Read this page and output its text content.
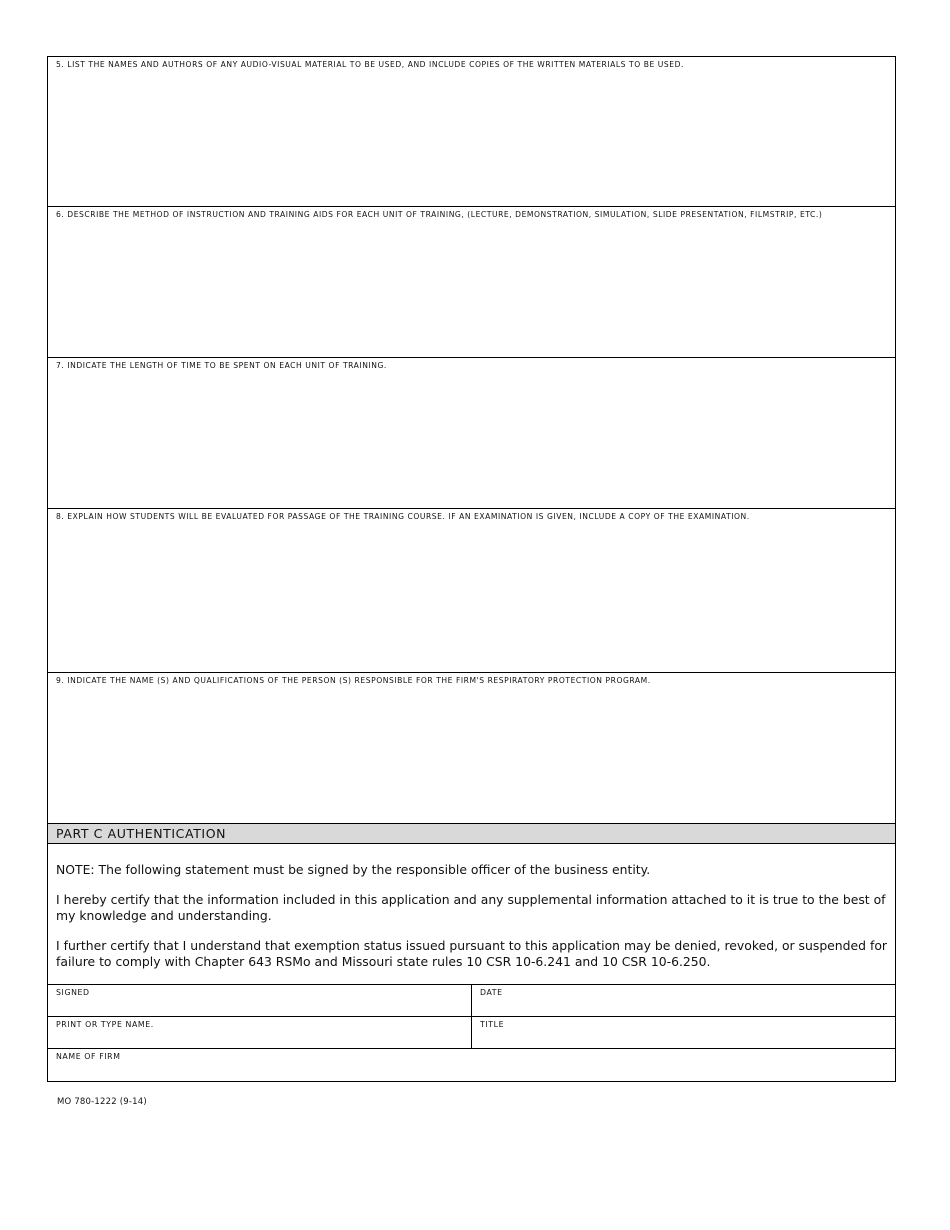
5. LIST THE NAMES AND AUTHORS OF ANY AUDIO-VISUAL MATERIAL TO BE USED, AND INCLUDE COPIES OF THE WRITTEN MATERIALS TO BE USED.
6. DESCRIBE THE METHOD OF INSTRUCTION AND TRAINING AIDS FOR EACH UNIT OF TRAINING, (LECTURE, DEMONSTRATION, SIMULATION, SLIDE PRESENTATION, FILMSTRIP, ETC.)
7. INDICATE THE LENGTH OF TIME TO BE SPENT ON EACH UNIT OF TRAINING.
8. EXPLAIN HOW STUDENTS WILL BE EVALUATED FOR PASSAGE OF THE TRAINING COURSE. IF AN EXAMINATION IS GIVEN, INCLUDE A COPY OF THE EXAMINATION.
9. INDICATE THE NAME (S) AND QUALIFICATIONS OF THE PERSON (S) RESPONSIBLE FOR THE FIRM'S RESPIRATORY PROTECTION PROGRAM.
PART C AUTHENTICATION

NOTE: The following statement must be signed by the responsible officer of the business entity.

I hereby certify that the information included in this application and any supplemental information attached to it is true to the best of my knowledge and understanding.

I further certify that I understand that exemption status issued pursuant to this application may be denied, revoked, or suspended for failure to comply with Chapter 643 RSMo and Missouri state rules 10 CSR 10-6.241 and 10 CSR 10-6.250.

SIGNED	DATE
PRINT OR TYPE NAME.	TITLE
NAME OF FIRM
MO 780-1222 (9-14)
